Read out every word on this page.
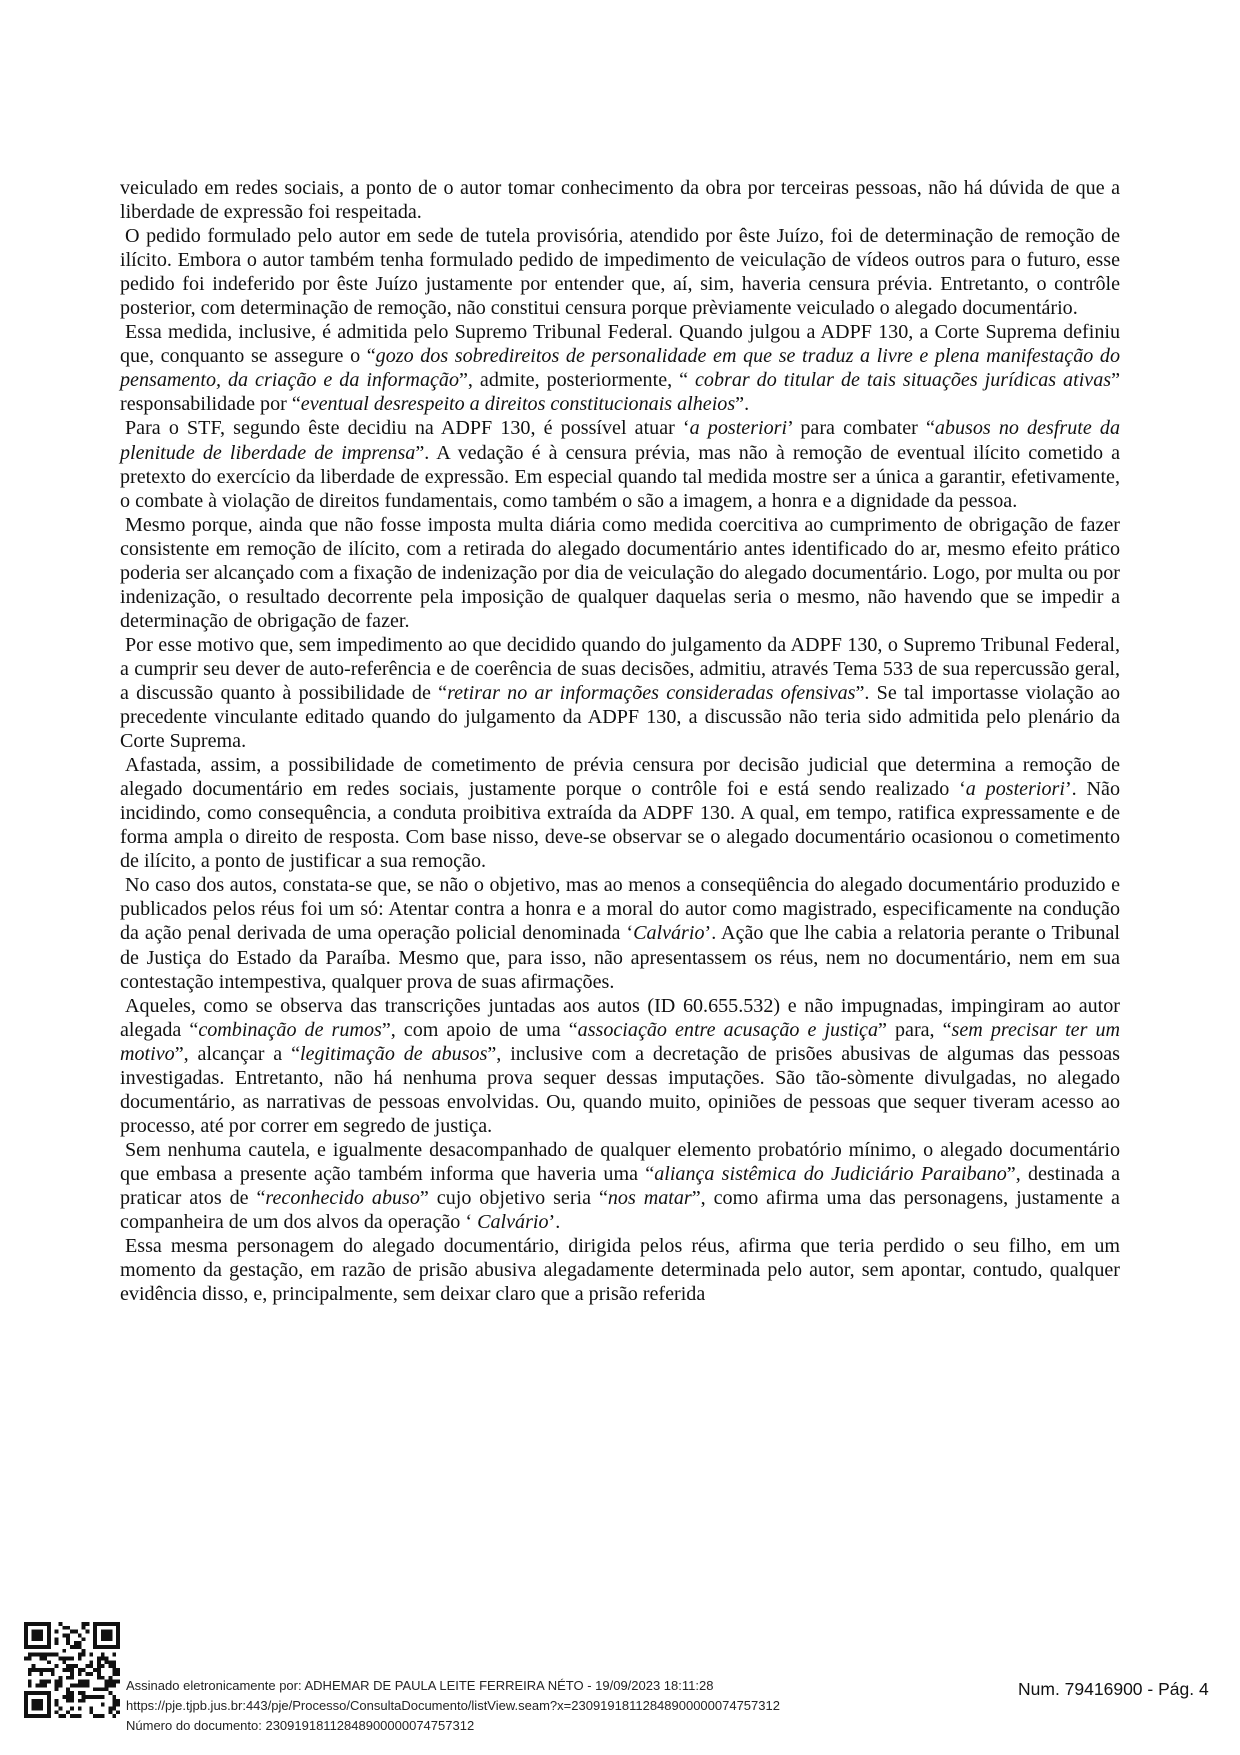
veiculado em redes sociais, a ponto de o autor tomar conhecimento da obra por terceiras pessoas, não há dúvida de que a liberdade de expressão foi respeitada.

O pedido formulado pelo autor em sede de tutela provisória, atendido por êste Juízo, foi de determinação de remoção de ilícito. Embora o autor também tenha formulado pedido de impedimento de veiculação de vídeos outros para o futuro, esse pedido foi indeferido por êste Juízo justamente por entender que, aí, sim, haveria censura prévia. Entretanto, o contrôle posterior, com determinação de remoção, não constitui censura porque prèviamente veiculado o alegado documentário.

Essa medida, inclusive, é admitida pelo Supremo Tribunal Federal. Quando julgou a ADPF 130, a Corte Suprema definiu que, conquanto se assegure o “gozo dos sobredireitos de personalidade em que se traduz a livre e plena manifestação do pensamento, da criação e da informação”, admite, posteriormente, “ cobrar do titular de tais situações jurídicas ativas” responsabilidade por “eventual desrespeito a direitos constitucionais alheios”.

Para o STF, segundo êste decidiu na ADPF 130, é possível atuar ‘a posteriori’ para combater “abusos no desfrute da plenitude de liberdade de imprensa”. A vedação é à censura prévia, mas não à remoção de eventual ilícito cometido a pretexto do exercício da liberdade de expressão. Em especial quando tal medida mostre ser a única a garantir, efetivamente, o combate à violação de direitos fundamentais, como também o são a imagem, a honra e a dignidade da pessoa.

Mesmo porque, ainda que não fosse imposta multa diária como medida coercitiva ao cumprimento de obrigação de fazer consistente em remoção de ilícito, com a retirada do alegado documentário antes identificado do ar, mesmo efeito prático poderia ser alcançado com a fixação de indenização por dia de veiculação do alegado documentário. Logo, por multa ou por indenização, o resultado decorrente pela imposição de qualquer daquelas seria o mesmo, não havendo que se impedir a determinação de obrigação de fazer.

Por esse motivo que, sem impedimento ao que decidido quando do julgamento da ADPF 130, o Supremo Tribunal Federal, a cumprir seu dever de auto-referência e de coerência de suas decisões, admitiu, através Tema 533 de sua repercussão geral, a discussão quanto à possibilidade de “retirar no ar informações consideradas ofensivas”. Se tal importasse violação ao precedente vinculante editado quando do julgamento da ADPF 130, a discussão não teria sido admitida pelo plenário da Corte Suprema.

Afastada, assim, a possibilidade de cometimento de prévia censura por decisão judicial que determina a remoção de alegado documentário em redes sociais, justamente porque o contrôle foi e está sendo realizado ‘a posteriori’. Não incidindo, como consequência, a conduta proibitiva extraída da ADPF 130. A qual, em tempo, ratifica expressamente e de forma ampla o direito de resposta. Com base nisso, deve-se observar se o alegado documentário ocasionou o cometimento de ilícito, a ponto de justificar a sua remoção.

No caso dos autos, constata-se que, se não o objetivo, mas ao menos a conseqüência do alegado documentário produzido e publicados pelos réus foi um só: Atentar contra a honra e a moral do autor como magistrado, especificamente na condução da ação penal derivada de uma operação policial denominada ‘Calvário’. Ação que lhe cabia a relatoria perante o Tribunal de Justiça do Estado da Paraíba. Mesmo que, para isso, não apresentassem os réus, nem no documentário, nem em sua contestação intempestiva, qualquer prova de suas afirmações.

Aqueles, como se observa das transcrições juntadas aos autos (ID 60.655.532) e não impugnadas, impingiram ao autor alegada “combinação de rumos”, com apoio de uma “associação entre acusação e justiça” para, “sem precisar ter um motivo”, alcançar a “legitimação de abusos”, inclusive com a decretação de prisões abusivas de algumas das pessoas investigadas. Entretanto, não há nenhuma prova sequer dessas imputações. São tão-sòmente divulgadas, no alegado documentário, as narrativas de pessoas envolvidas. Ou, quando muito, opiniões de pessoas que sequer tiveram acesso ao processo, até por correr em segredo de justiça.

Sem nenhuma cautela, e igualmente desacompanhado de qualquer elemento probatório mínimo, o alegado documentário que embasa a presente ação também informa que haveria uma “aliança sistêmica do Judiciário Paraibano”, destinada a praticar atos de “reconhecido abuso” cujo objetivo seria “nos matar”, como afirma uma das personagens, justamente a companheira de um dos alvos da operação ‘ Calvário’.

Essa mesma personagem do alegado documentário, dirigida pelos réus, afirma que teria perdido o seu filho, em um momento da gestação, em razão de prisão abusiva alegadamente determinada pelo autor, sem apontar, contudo, qualquer evidência disso, e, principalmente, sem deixar claro que a prisão referida

Assinado eletronicamente por: ADHEMAR DE PAULA LEITE FERREIRA NÉTO - 19/09/2023 18:11:28
https://pje.tjpb.jus.br:443/pje/Processo/ConsultaDocumento/listView.seam?x=23091918112848900000074757312
Número do documento: 23091918112848900000074757312
Num. 79416900 - Pág. 4
